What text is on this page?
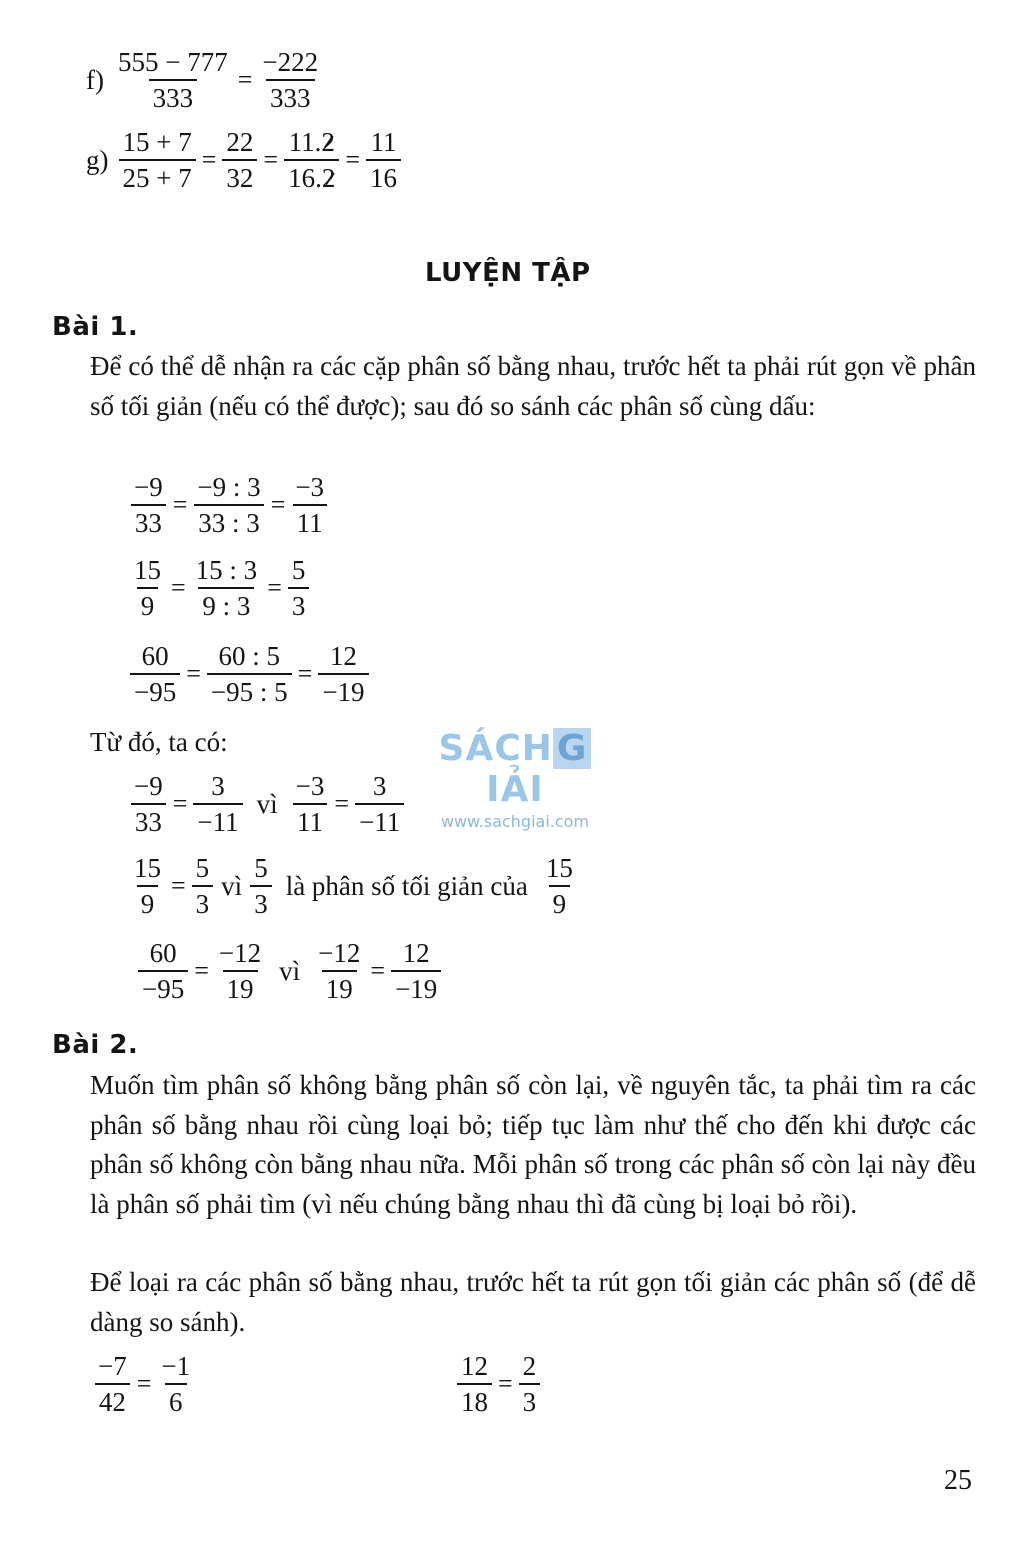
$f) \frac{555 - 777}{333} = \frac{-222}{333}$
$g) \frac{15 + 7}{25 + 7} = \frac{22}{32} = \frac{11.2}{16.2} = \frac{11}{16}$
LUYỆN TẬP
Bài 1.
Để có thể dễ nhận ra các cặp phân số bằng nhau, trước hết ta phải rút gọn về phân số tối giản (nếu có thể được); sau đó so sánh các phân số cùng dấu:
$\frac{-9}{33} = \frac{-9 : 3}{33 : 3} = \frac{-3}{11}$
$\frac{15}{9} = \frac{15 : 3}{9 : 3} = \frac{5}{3}$
$\frac{60}{-95} = \frac{60 : 5}{-95 : 5} = \frac{12}{-19}$
Từ đó, ta có:
$\frac{-9}{33} = \frac{3}{-11}$ vì $\frac{-3}{11} = \frac{3}{-11}$
$\frac{15}{9} = \frac{5}{3}$ vì $\frac{5}{3}$ là phân số tối giản của $\frac{15}{9}$
$\frac{60}{-95} = \frac{-12}{19}$ vì $\frac{-12}{19} = \frac{12}{-19}$
Bài 2.
Muốn tìm phân số không bằng phân số còn lại, về nguyên tắc, ta phải tìm ra các phân số bằng nhau rồi cùng loại bỏ; tiếp tục làm như thế cho đến khi được các phân số không còn bằng nhau nữa. Mỗi phân số trong các phân số còn lại này đều là phân số phải tìm (vì nếu chúng bằng nhau thì đã cùng bị loại bỏ rồi).
Để loại ra các phân số bằng nhau, trước hết ta rút gọn tối giản các phân số (để dễ dàng so sánh).
$\frac{-7}{42} = \frac{-1}{6}$	$\frac{12}{18} = \frac{2}{3}$
SÁCH GIẢI
www.sachgiai.com
25
